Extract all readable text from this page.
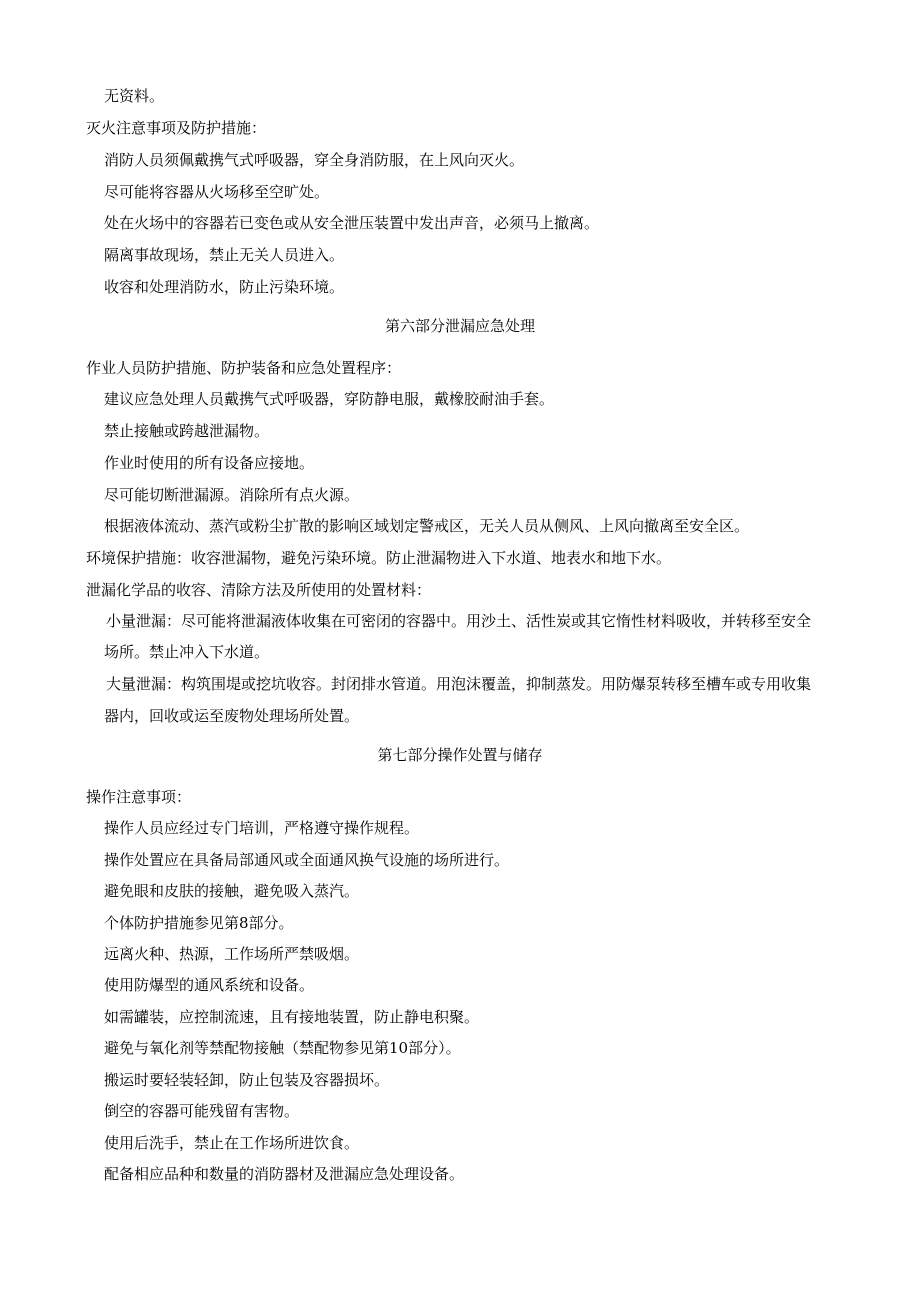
无资料。
灭火注意事项及防护措施：
消防人员须佩戴携气式呼吸器，穿全身消防服，在上风向灭火。
尽可能将容器从火场移至空旷处。
处在火场中的容器若已变色或从安全泄压装置中发出声音，必须马上撤离。
隔离事故现场，禁止无关人员进入。
收容和处理消防水，防止污染环境。
第六部分泄漏应急处理
作业人员防护措施、防护装备和应急处置程序：
建议应急处理人员戴携气式呼吸器，穿防静电服，戴橡胶耐油手套。
禁止接触或跨越泄漏物。
作业时使用的所有设备应接地。
尽可能切断泄漏源。消除所有点火源。
根据液体流动、蒸汽或粉尘扩散的影响区域划定警戒区，无关人员从侧风、上风向撤离至安全区。
环境保护措施：收容泄漏物，避免污染环境。防止泄漏物进入下水道、地表水和地下水。
泄漏化学品的收容、清除方法及所使用的处置材料：
小量泄漏：尽可能将泄漏液体收集在可密闭的容器中。用沙土、活性炭或其它惰性材料吸收，并转移至安全
场所。禁止冲入下水道。
大量泄漏：构筑围堤或挖坑收容。封闭排水管道。用泡沫覆盖，抑制蒸发。用防爆泵转移至槽车或专用收集
器内，回收或运至废物处理场所处置。
第七部分操作处置与储存
操作注意事项：
操作人员应经过专门培训，严格遵守操作规程。
操作处置应在具备局部通风或全面通风换气设施的场所进行。
避免眼和皮肤的接触，避免吸入蒸汽。
个体防护措施参见第8部分。
远离火种、热源，工作场所严禁吸烟。
使用防爆型的通风系统和设备。
如需罐装，应控制流速，且有接地装置，防止静电积聚。
避免与氧化剂等禁配物接触（禁配物参见第10部分）。
搬运时要轻装轻卸，防止包装及容器损坏。
倒空的容器可能残留有害物。
使用后洗手，禁止在工作场所进饮食。
配备相应品种和数量的消防器材及泄漏应急处理设备。
